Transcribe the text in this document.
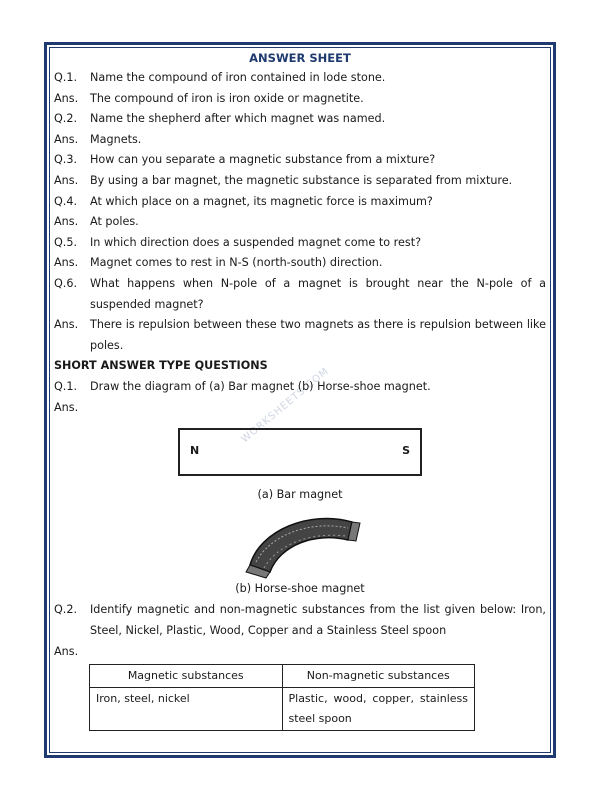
WORKSHEETS.COM
ANSWER SHEET
Q.1.	Name the compound of iron contained in lode stone.
Ans.	The compound of iron is iron oxide or magnetite.
Q.2.	Name the shepherd after which magnet was named.
Ans.	Magnets.
Q.3.	How can you separate a magnetic substance from a mixture?
Ans.	By using a bar magnet, the magnetic substance is separated from mixture.
Q.4.	At which place on a magnet, its magnetic force is maximum?
Ans.	At poles.
Q.5.	In which direction does a suspended magnet come to rest?
Ans.	Magnet comes to rest in N-S (north-south) direction.
Q.6.	What happens when N-pole of a magnet is brought near the N-pole of a suspended magnet?
Ans.	There is repulsion between these two magnets as there is repulsion between like poles.
SHORT ANSWER TYPE QUESTIONS
Q.1.	Draw the diagram of (a) Bar magnet (b) Horse-shoe magnet.
Ans.
N	S
(a) Bar magnet
(b) Horse-shoe magnet
Q.2.	Identify magnetic and non-magnetic substances from the list given below: Iron, Steel, Nickel, Plastic, Wood, Copper and a Stainless Steel spoon
Ans.
Magnetic substances	Non-magnetic substances
Iron, steel, nickel	Plastic, wood, copper, stainless steel spoon
